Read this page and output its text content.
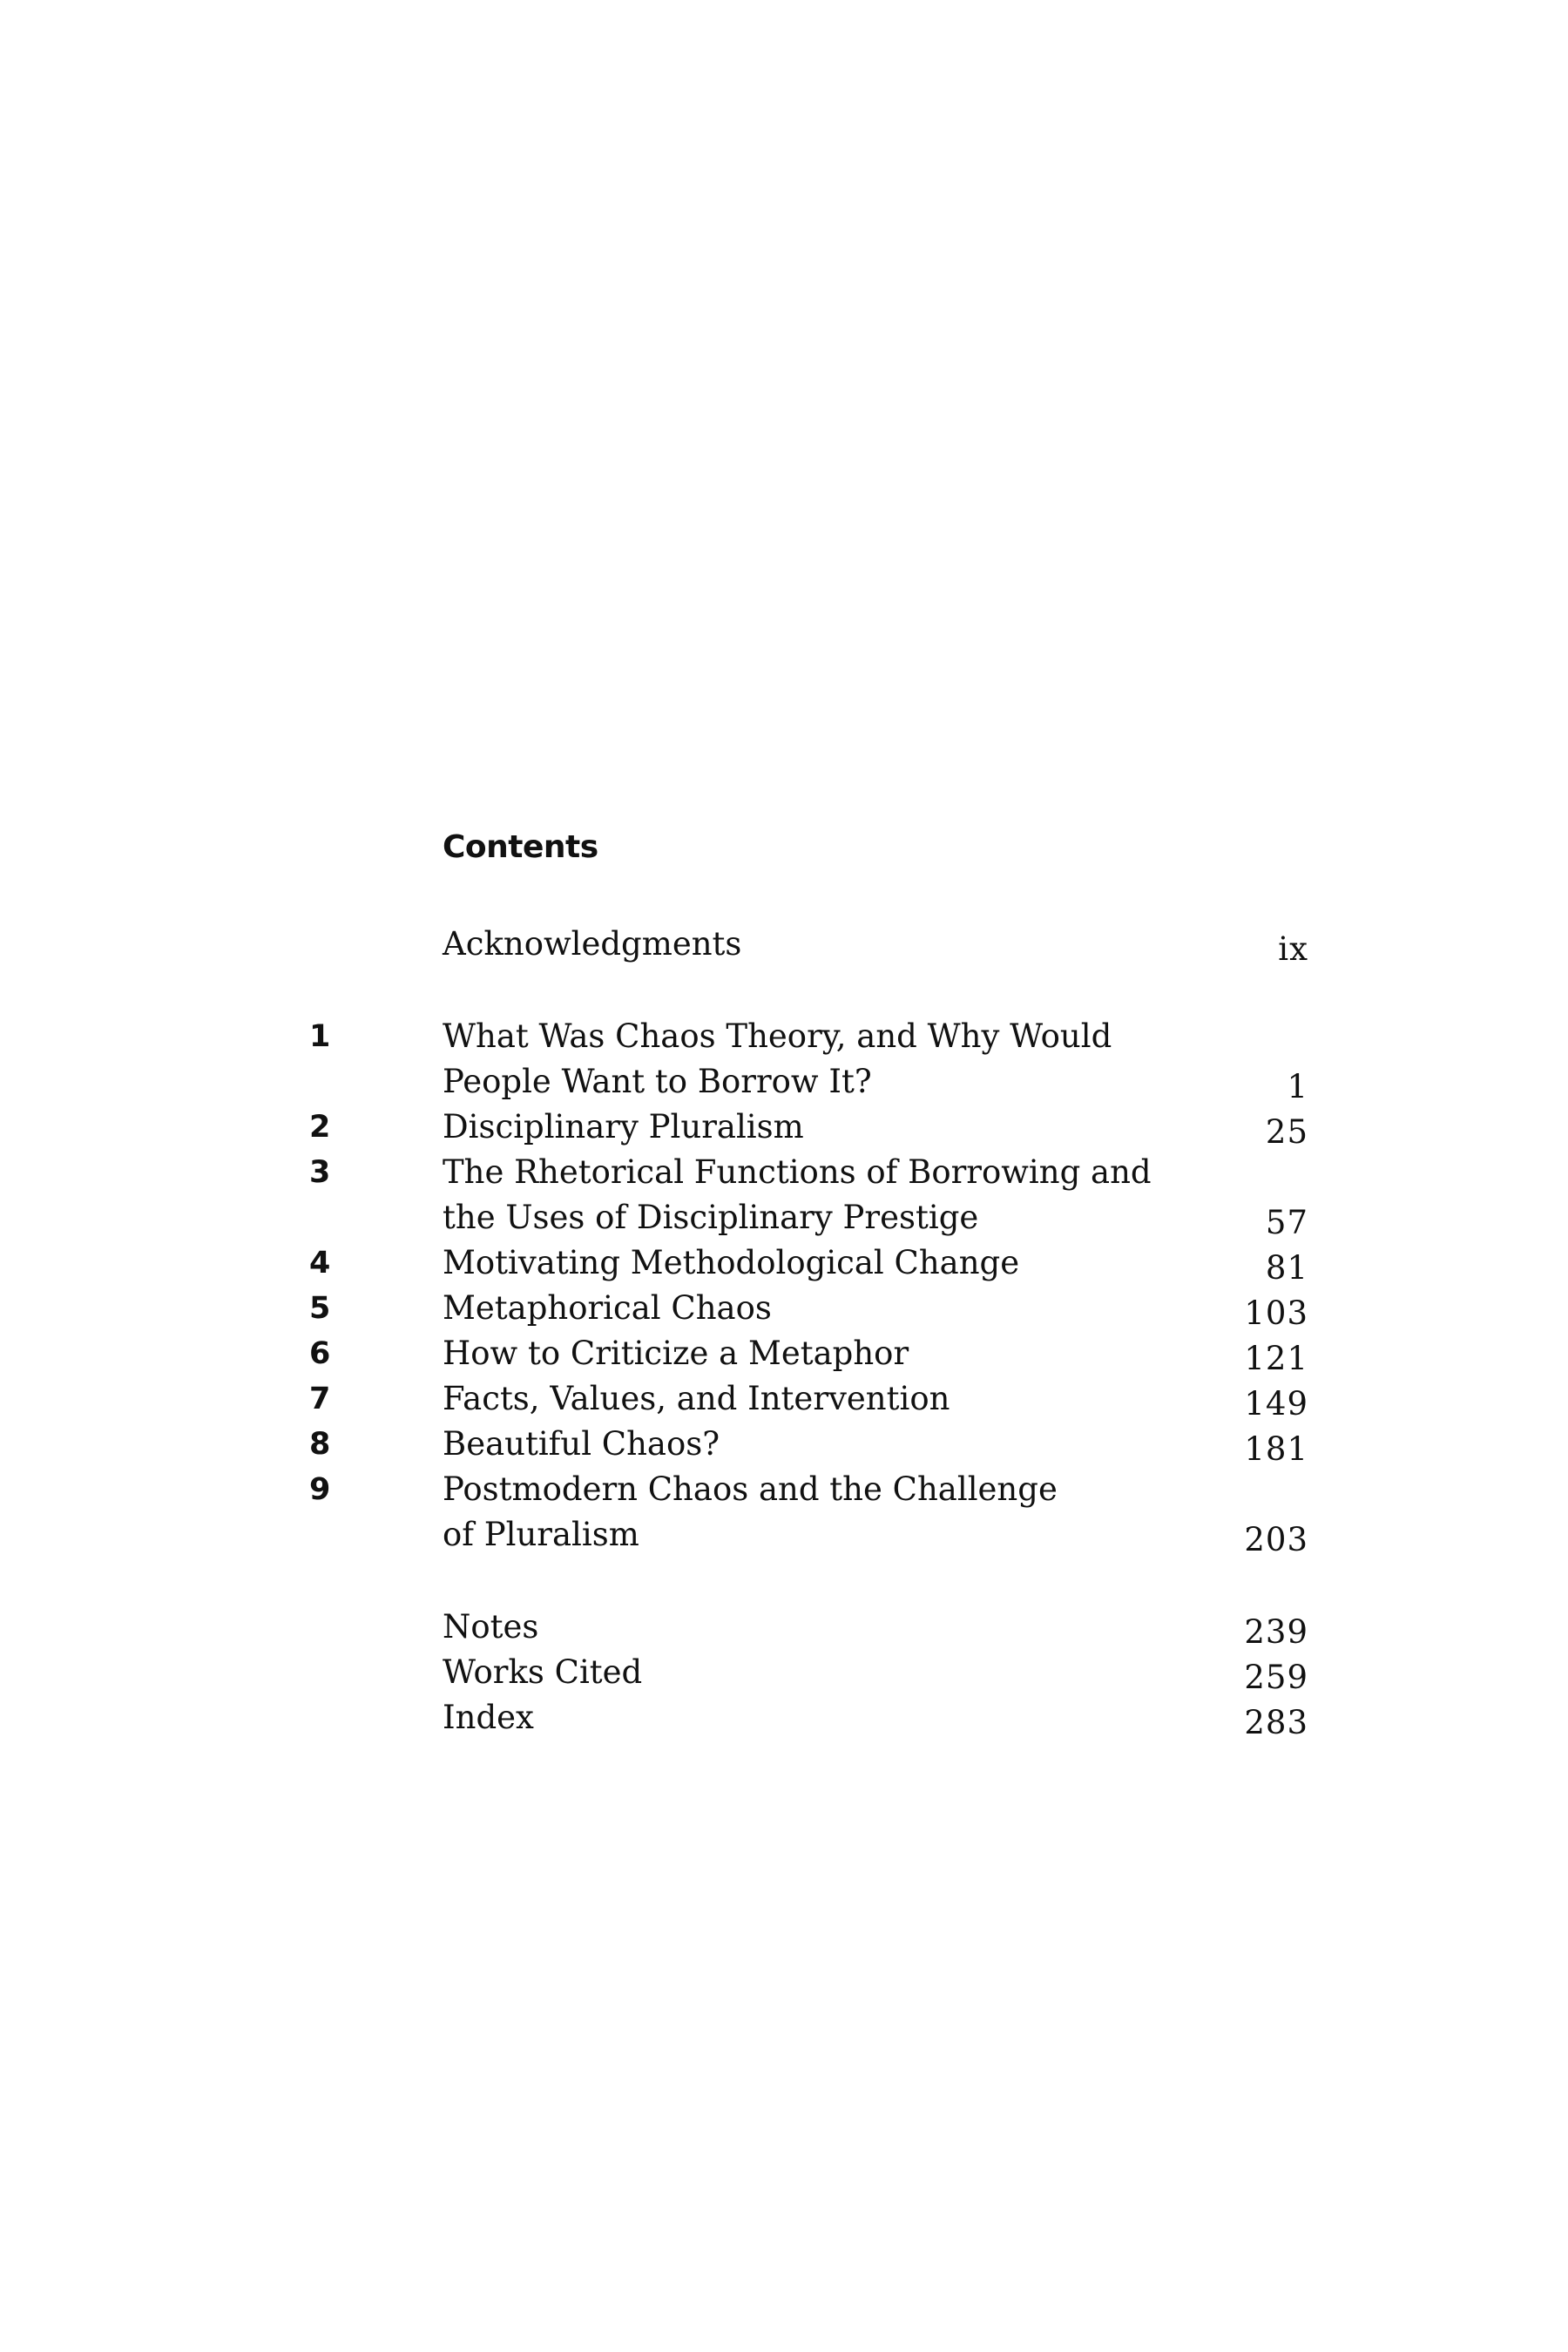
Contents
Acknowledgments	ix
1	What Was Chaos Theory, and Why Would
People Want to Borrow It?	1
2	Disciplinary Pluralism	25
3	The Rhetorical Functions of Borrowing and
the Uses of Disciplinary Prestige	57
4	Motivating Methodological Change	81
5	Metaphorical Chaos	103
6	How to Criticize a Metaphor	121
7	Facts, Values, and Intervention	149
8	Beautiful Chaos?	181
9	Postmodern Chaos and the Challenge
of Pluralism	203
Notes	239
Works Cited	259
Index	283
